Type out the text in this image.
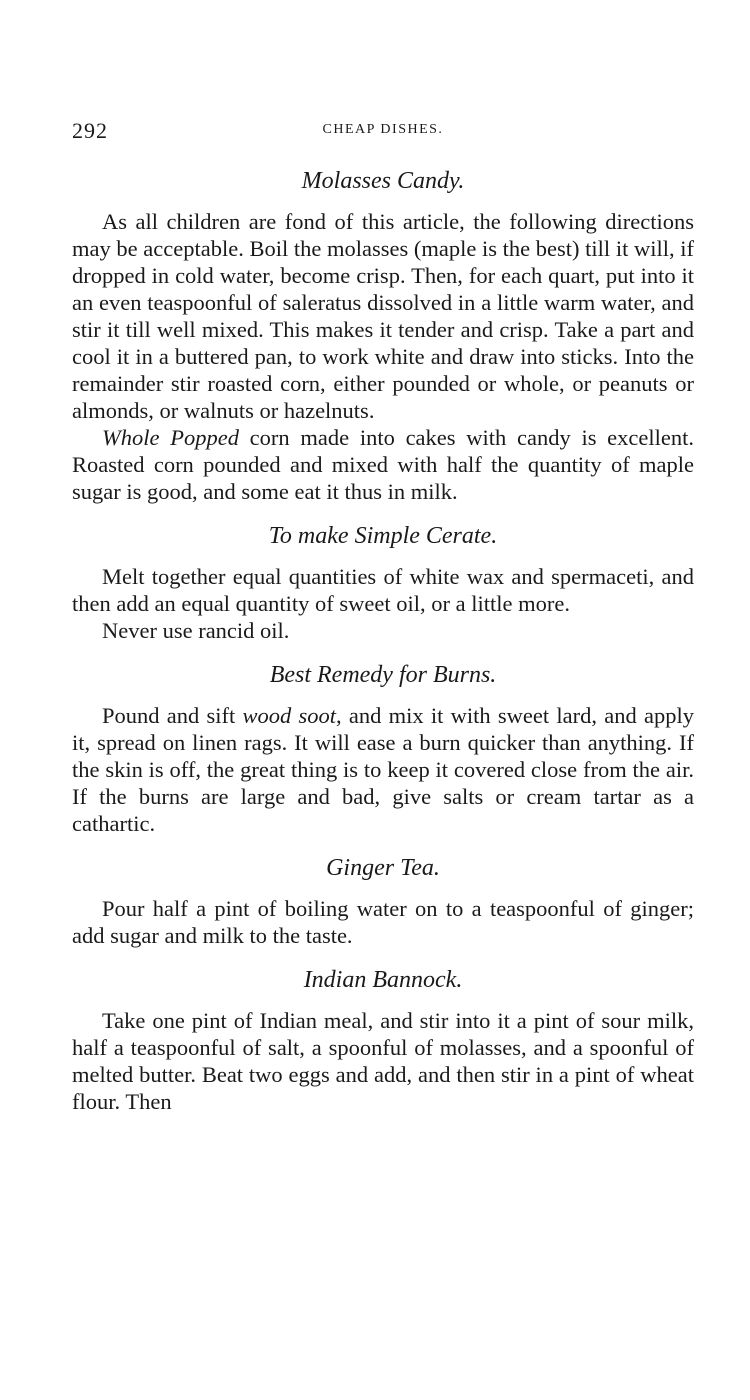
292	CHEAP DISHES.
Molasses Candy.

As all children are fond of this article, the following directions may be acceptable. Boil the molasses (maple is the best) till it will, if dropped in cold water, become crisp. Then, for each quart, put into it an even teaspoonful of saleratus dissolved in a little warm water, and stir it till well mixed. This makes it tender and crisp. Take a part and cool it in a buttered pan, to work white and draw into sticks. Into the remainder stir roasted corn, either pounded or whole, or peanuts or almonds, or walnuts or hazelnuts.

Whole Popped corn made into cakes with candy is excellent. Roasted corn pounded and mixed with half the quantity of maple sugar is good, and some eat it thus in milk.

To make Simple Cerate.

Melt together equal quantities of white wax and spermaceti, and then add an equal quantity of sweet oil, or a little more.

Never use rancid oil.

Best Remedy for Burns.

Pound and sift wood soot, and mix it with sweet lard, and apply it, spread on linen rags. It will ease a burn quicker than anything. If the skin is off, the great thing is to keep it covered close from the air. If the burns are large and bad, give salts or cream tartar as a cathartic.

Ginger Tea.

Pour half a pint of boiling water on to a teaspoonful of ginger; add sugar and milk to the taste.

Indian Bannock.

Take one pint of Indian meal, and stir into it a pint of sour milk, half a teaspoonful of salt, a spoonful of molasses, and a spoonful of melted butter. Beat two eggs and add, and then stir in a pint of wheat flour. Then
